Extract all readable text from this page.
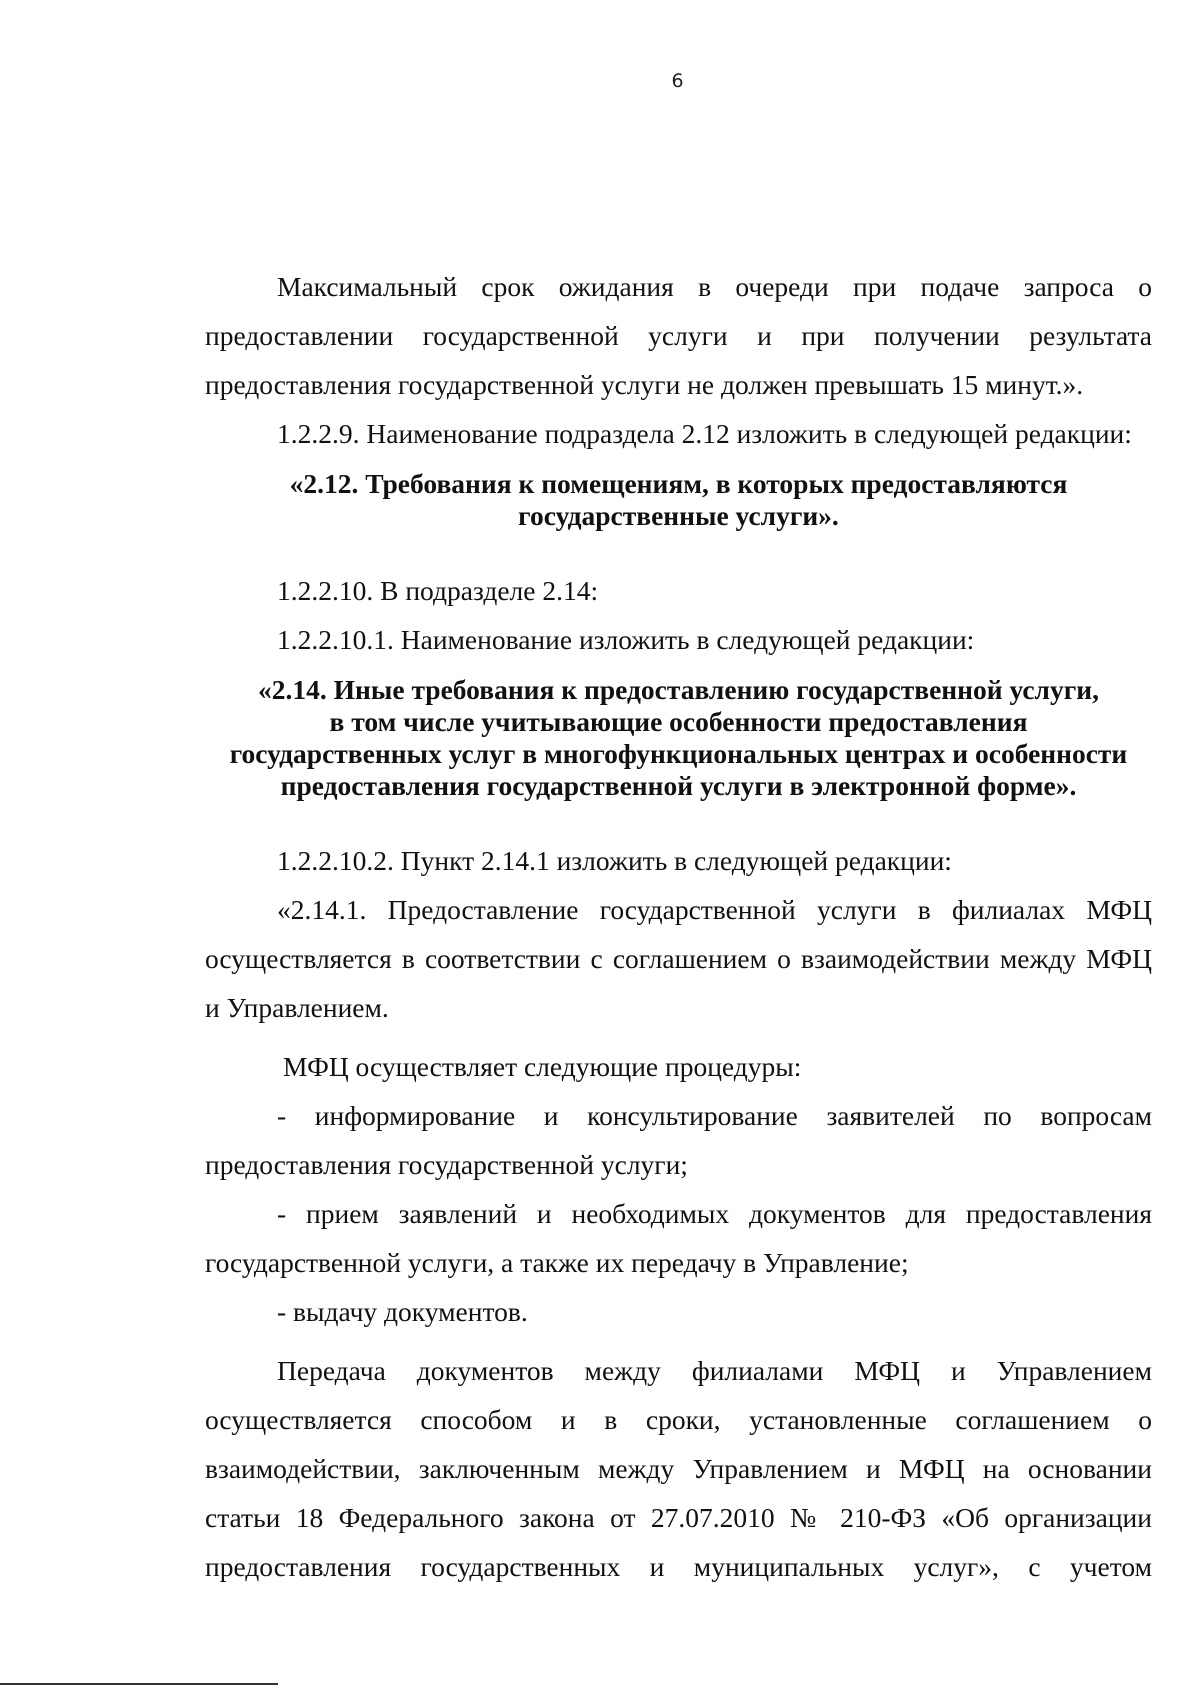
6
Максимальный срок ожидания в очереди при подаче запроса о
предоставлении государственной услуги и при получении результата
предоставления государственной услуги не должен превышать 15 минут.».
1.2.2.9. Наименование подраздела 2.12 изложить в следующей редакции:

«2.12. Требования к помещениям, в которых предоставляются
государственные услуги».

1.2.2.10. В подразделе 2.14:
1.2.2.10.1. Наименование изложить в следующей редакции:

«2.14. Иные требования к предоставлению государственной услуги,
в том числе учитывающие особенности предоставления
государственных услуг в многофункциональных центрах и особенности
предоставления государственной услуги в электронной форме».

1.2.2.10.2. Пункт 2.14.1 изложить в следующей редакции:
«2.14.1. Предоставление государственной услуги в филиалах МФЦ
осуществляется в соответствии с соглашением о взаимодействии между МФЦ
и Управлением.
МФЦ осуществляет следующие процедуры:
- информирование и консультирование заявителей по вопросам
предоставления государственной услуги;
- прием заявлений и необходимых документов для предоставления
государственной услуги, а также их передачу в Управление;
- выдачу документов.
Передача документов между филиалами МФЦ и Управлением
осуществляется способом и в сроки, установленные соглашением о
взаимодействии, заключенным между Управлением и МФЦ на основании
статьи 18 Федерального закона от 27.07.2010 № 210-ФЗ «Об организации
предоставления государственных и муниципальных услуг», с учетом
